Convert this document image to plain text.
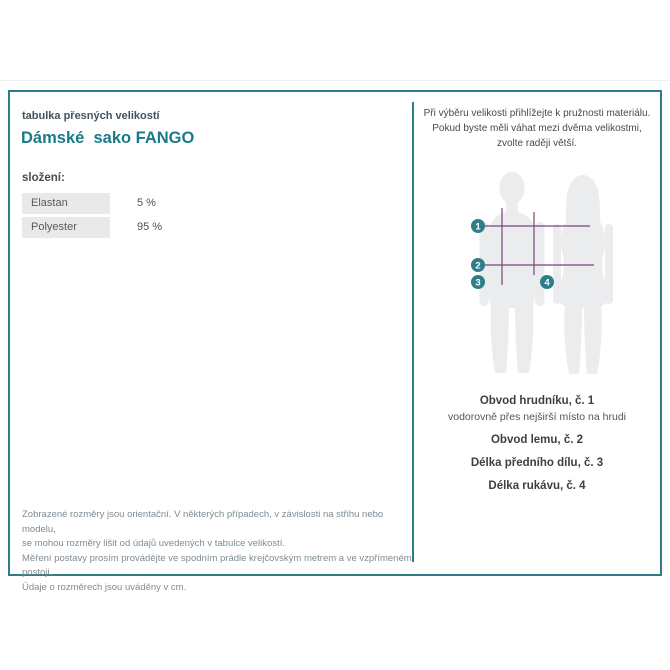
tabulka přesných velikostí
Dámské  sako FANGO
složení:
Elastan	5 %
Polyester	95 %
Zobrazené rozměry jsou orientační. V některých případech, v závislosti na střihu nebo modelu,
se mohou rozměry lišit od údajů uvedených v tabulce velikostí.
Měření postavy prosím provádějte ve spodním prádle krejčovským metrem a ve vzpřímeném postoji.
Údaje o rozměrech jsou uváděny v cm.
Při výběru velikosti přihlížejte k pružnosti materiálu.
Pokud byste měli váhat mezi dvěma velikostmi,
zvolte raději větší.
1
2
3	4
Obvod hrudníku, č. 1
vodorovně přes nejširší místo na hrudi
Obvod lemu, č. 2
Délka předního dílu, č. 3
Délka rukávu, č. 4
